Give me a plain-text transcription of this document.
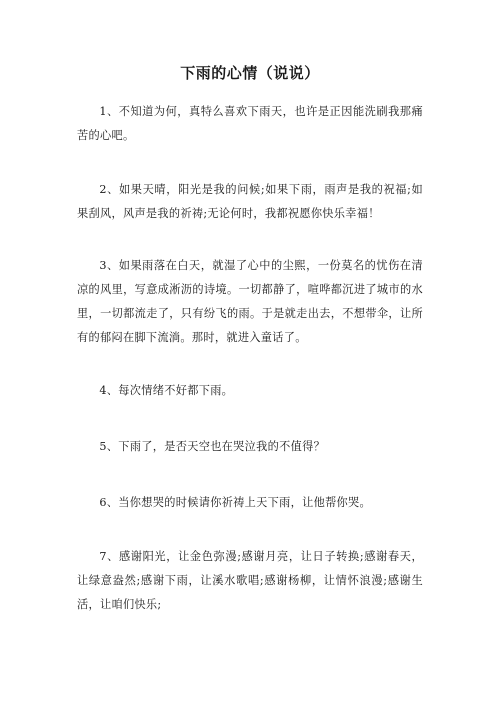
下雨的心情（说说）

1、不知道为何，真特么喜欢下雨天，也许是正因能洗刷我那痛苦的心吧。

2、如果天晴，阳光是我的问候;如果下雨，雨声是我的祝福;如果刮风，风声是我的祈祷;无论何时，我都祝愿你快乐幸福！

3、如果雨落在白天，就湿了心中的尘熙，一份莫名的忧伤在清凉的风里，写意成淅沥的诗境。一切都静了，喧哗都沉进了城市的水里，一切都流走了，只有纷飞的雨。于是就走出去，不想带伞，让所有的郁闷在脚下流淌。那时，就进入童话了。

4、每次情绪不好都下雨。

5、下雨了，是否天空也在哭泣我的不值得？

6、当你想哭的时候请你祈祷上天下雨，让他帮你哭。

7、感谢阳光，让金色弥漫;感谢月亮，让日子转换;感谢春天，让绿意盎然;感谢下雨，让溪水歌唱;感谢杨柳，让情怀浪漫;感谢生活，让咱们快乐;
